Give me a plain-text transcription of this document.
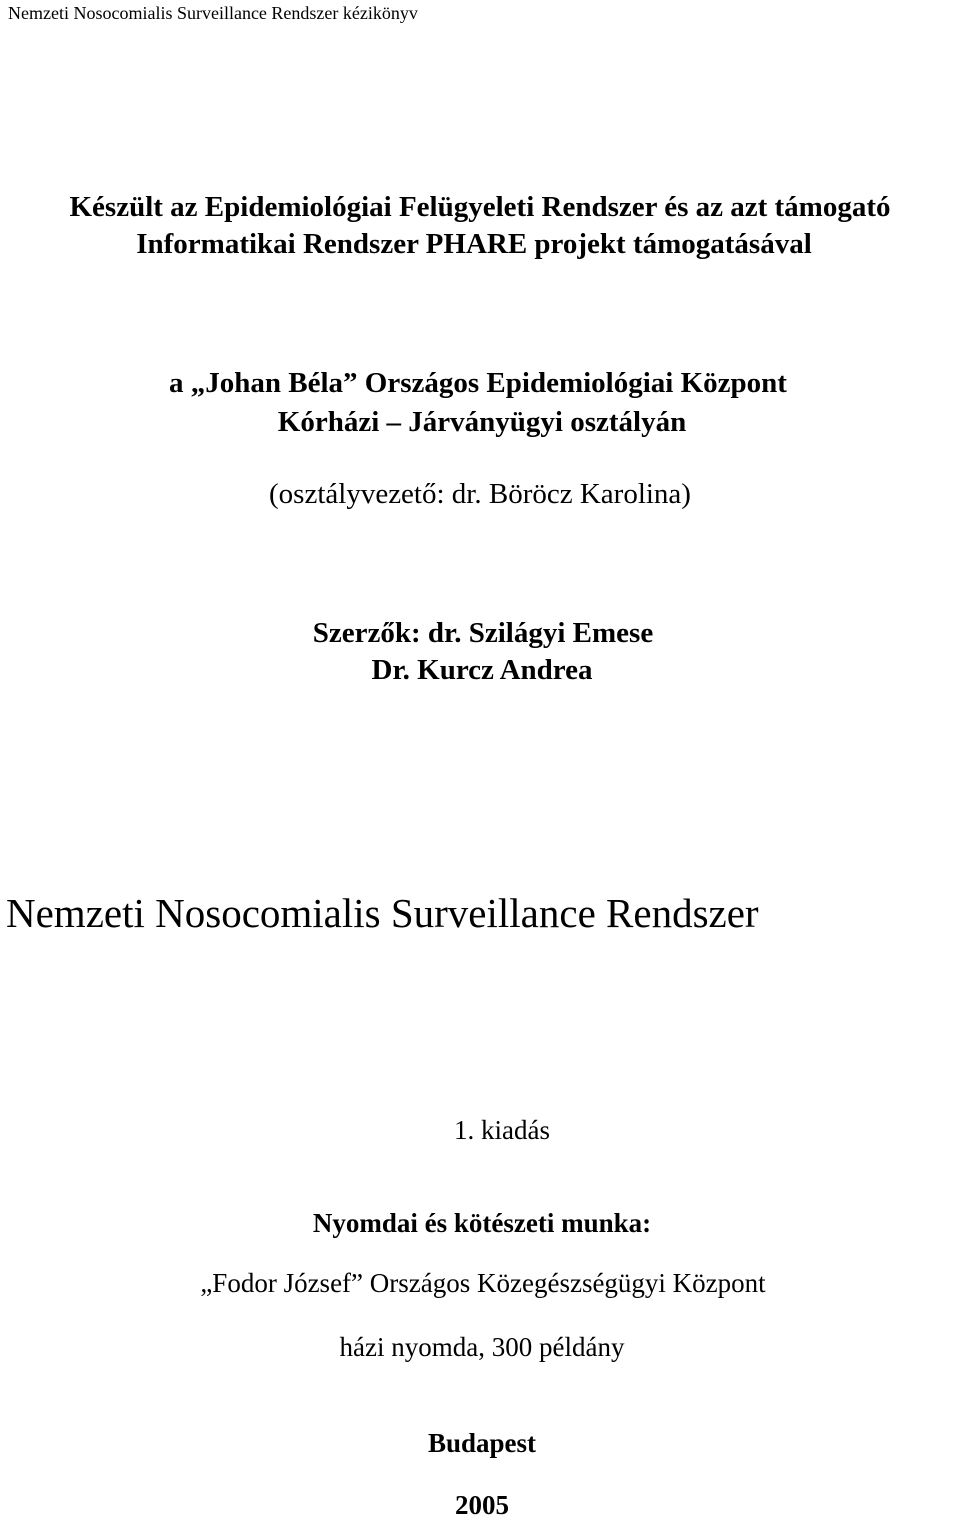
Nemzeti Nosocomialis Surveillance Rendszer kézikönyv
Készült az Epidemiológiai Felügyeleti Rendszer és az azt támogató
Informatikai Rendszer PHARE projekt támogatásával
a „Johan Béla” Országos Epidemiológiai Központ
Kórházi – Járványügyi osztályán
(osztályvezető: dr. Böröcz Karolina)
Szerzők: dr. Szilágyi Emese
Dr. Kurcz Andrea
Nemzeti Nosocomialis Surveillance Rendszer
1. kiadás
Nyomdai és kötészeti munka:
„Fodor József” Országos Közegészségügyi Központ
házi nyomda, 300 példány
Budapest
2005
